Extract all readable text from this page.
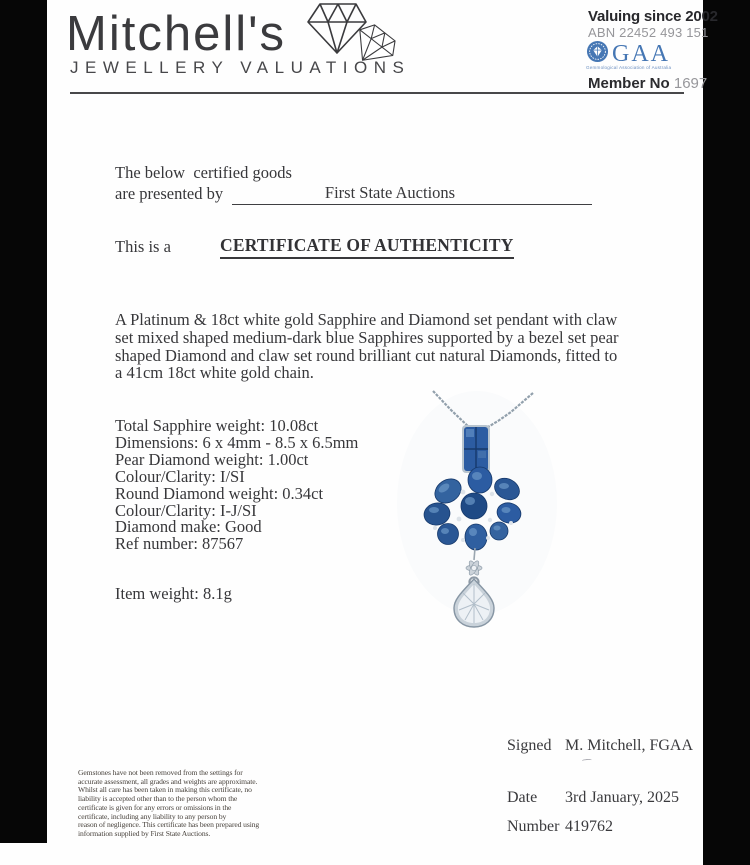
Mitchell's
JEWELLERY VALUATIONS
Valuing since 2002
ABN 22452 493 151
GAA
Gemmological Association of Australia
Member No 1697
The below  certified goods
are presented by	First State Auctions
This is a	CERTIFICATE OF AUTHENTICITY
A Platinum & 18ct white gold Sapphire and Diamond set pendant with claw
set mixed shaped medium-dark blue Sapphires supported by a bezel set pear
shaped Diamond and claw set round brilliant cut natural Diamonds, fitted to
a 41cm 18ct white gold chain.
Total Sapphire weight: 10.08ct
Dimensions: 6 x 4mm - 8.5 x 6.5mm
Pear Diamond weight: 1.00ct
Colour/Clarity: I/SI
Round Diamond weight: 0.34ct
Colour/Clarity: I-J/SI
Diamond make: Good
Ref number: 87567
Item weight: 8.1g
Signed M. Mitchell, FGAA
Date 3rd January, 2025
Number 419762
Gemstones have not been removed from the settings for
accurate assessment, all grades and weights are approximate.
Whilst all care has been taken in making this certificate, no
liability is accepted other than to the person whom the
certificate is given for any errors or omissions in the
certificate, including any liability to any person by
reason of negligence. This certificate has been prepared using
information supplied by First State Auctions.
